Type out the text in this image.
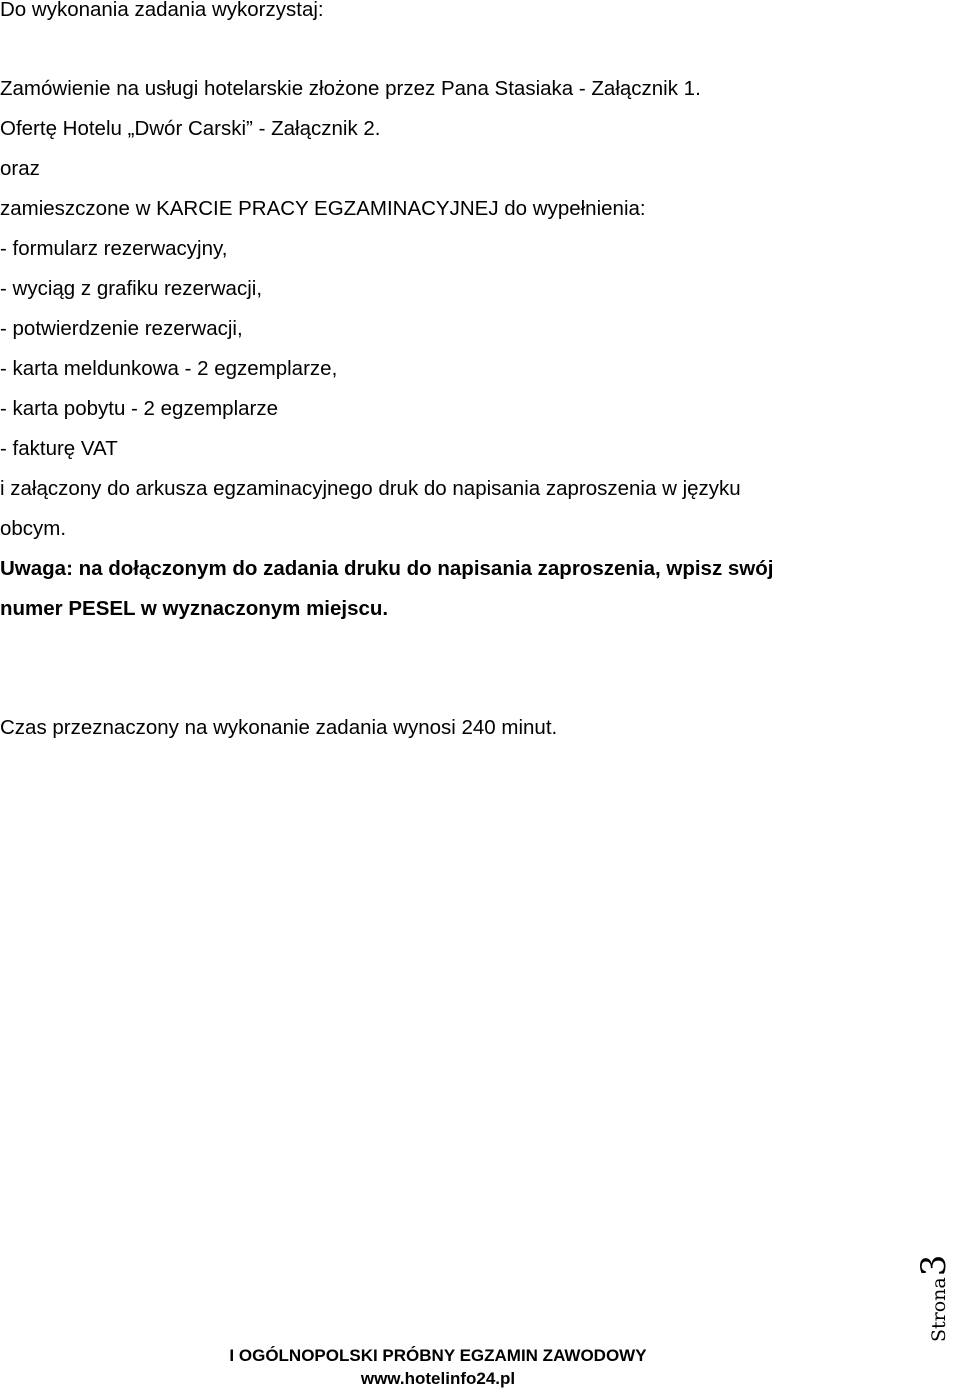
Do wykonania zadania wykorzystaj:
Zamówienie na usługi hotelarskie złożone przez Pana Stasiaka - Załącznik 1.
Ofertę Hotelu „Dwór Carski” - Załącznik 2.
oraz
zamieszczone w KARCIE PRACY EGZAMINACYJNEJ do wypełnienia:
- formularz rezerwacyjny,
- wyciąg z grafiku rezerwacji,
- potwierdzenie rezerwacji,
- karta meldunkowa - 2 egzemplarze,
- karta pobytu - 2 egzemplarze
- fakturę VAT
i załączony do arkusza egzaminacyjnego druk do napisania zaproszenia w języku
obcym.
Uwaga: na dołączonym do zadania druku do napisania zaproszenia, wpisz swój
numer PESEL w wyznaczonym miejscu.
Czas przeznaczony na wykonanie zadania wynosi 240 minut.
I OGÓLNOPOLSKI PRÓBNY EGZAMIN ZAWODOWY
www.hotelinfo24.pl
Strona
3
